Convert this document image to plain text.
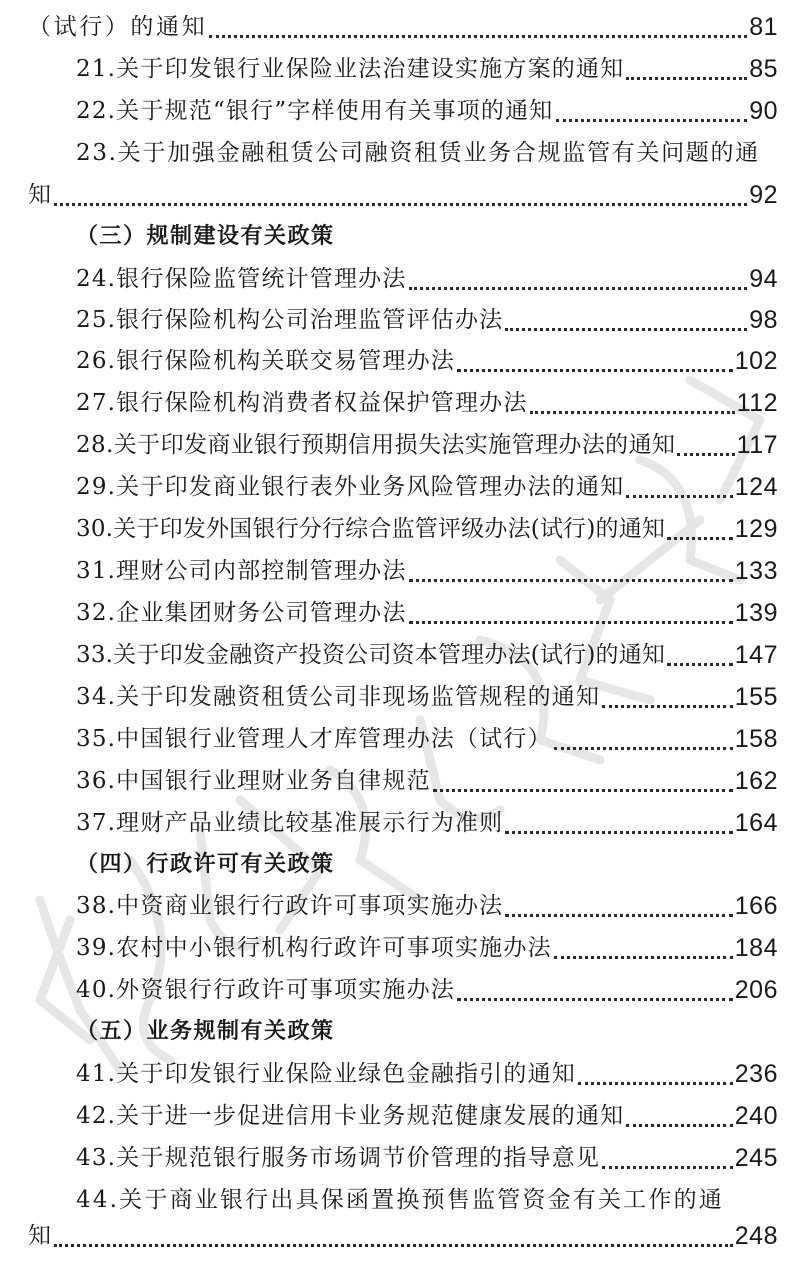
（试行）的通知	81
21.关于印发银行业保险业法治建设实施方案的通知	85
22.关于规范“银行”字样使用有关事项的通知	90
23.关于加强金融租赁公司融资租赁业务合规监管有关问题的通
知	92
（三）规制建设有关政策
24.银行保险监管统计管理办法	94
25.银行保险机构公司治理监管评估办法	98
26.银行保险机构关联交易管理办法	102
27.银行保险机构消费者权益保护管理办法	112
28.关于印发商业银行预期信用损失法实施管理办法的通知 117
29.关于印发商业银行表外业务风险管理办法的通知	124
30.关于印发外国银行分行综合监管评级办法(试行)的通知	129
31.理财公司内部控制管理办法	133
32.企业集团财务公司管理办法	139
33.关于印发金融资产投资公司资本管理办法(试行)的通知	147
34.关于印发融资租赁公司非现场监管规程的通知	155
35.中国银行业管理人才库管理办法（试行）	158
36.中国银行业理财业务自律规范	162
37.理财产品业绩比较基准展示行为准则	164
（四）行政许可有关政策
38.中资商业银行行政许可事项实施办法	166
39.农村中小银行机构行政许可事项实施办法	184
40.外资银行行政许可事项实施办法	206
（五）业务规制有关政策
41.关于印发银行业保险业绿色金融指引的通知	236
42.关于进一步促进信用卡业务规范健康发展的通知	240
43.关于规范银行服务市场调节价管理的指导意见	245
44.关于商业银行出具保函置换预售监管资金有关工作的通
知	248
